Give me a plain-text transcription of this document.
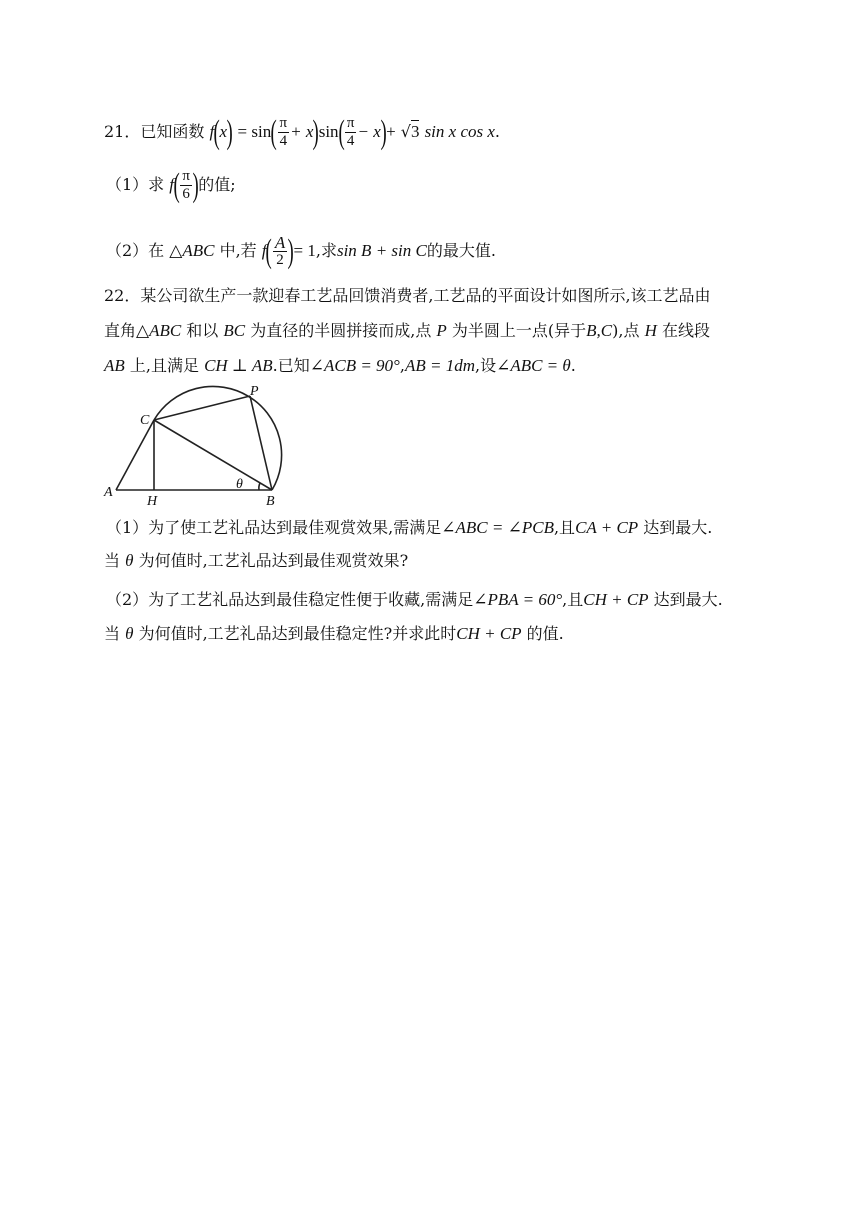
21．已知函数 $f(x) = \sin( \frac{\pi}{4} + x)\sin( \frac{\pi}{4} - x)+ √3$ sin x cos x.
（1）求 $f( \frac{\pi}{6}$ )的值;
（2）在 △ABC 中,若 $f( \frac{A}{2}$ )= 1,求sin B + sin C的最大值.
22．某公司欲生产一款迎春工艺品回馈消费者,工艺品的平面设计如图所示,该工艺品由
直角△ABC 和以 BC 为直径的半圆拼接而成,点 P 为半圆上一点(异于B,C),点 H 在线段
AB 上,且满足 CH ⊥ AB.已知∠ACB = 90°,AB = 1dm,设∠ABC = θ.
C
P
A
H	B
θ
（1）为了使工艺礼品达到最佳观赏效果,需满足∠ABC = ∠PCB,且CA + CP 达到最大.
当 θ 为何值时,工艺礼品达到最佳观赏效果?
（2）为了工艺礼品达到最佳稳定性便于收藏,需满足∠PBA = 60°,且CH + CP 达到最大.
当 θ 为何值时,工艺礼品达到最佳稳定性?并求此时CH + CP 的值.
